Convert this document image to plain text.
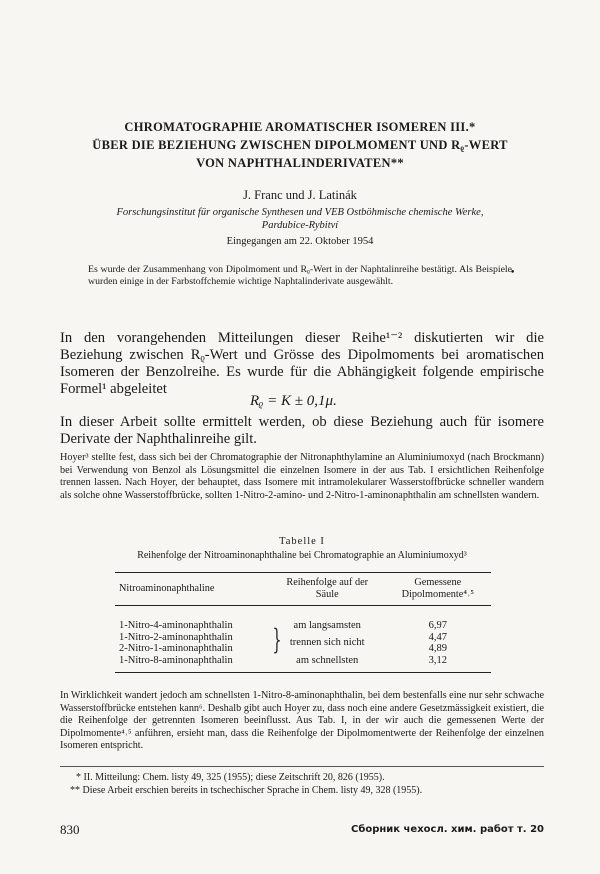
CHROMATOGRAPHIE AROMATISCHER ISOMEREN III.*
ÜBER DIE BEZIEHUNG ZWISCHEN DIPOLMOMENT UND Rᵨ-WERT
VON NAPHTHALINDERIVATEN**
J. Franc und J. Latinák
Forschungsinstitut für organische Synthesen und VEB Ostböhmische chemische Werke,
Pardubice-Rybitví
Eingegangen am 22. Oktober 1954
Es wurde der Zusammenhang von Dipolmoment und Rᵨ-Wert in der Naphtalinreihe bestätigt. Als Beispiele wurden einige in der Farbstoffchemie wichtige Naphtalinderivate ausgewählt.
•
In den vorangehenden Mitteilungen dieser Reihe¹⁻² diskutierten wir die Beziehung zwischen Rᵨ-Wert und Grösse des Dipolmoments bei aromatischen Isomeren der Benzolreihe. Es wurde für die Abhängigkeit folgende empirische Formel¹ abgeleitet
Rᵨ = K ± 0,1μ.
In dieser Arbeit sollte ermittelt werden, ob diese Beziehung auch für isomere Derivate der Naphthalinreihe gilt.
Hoyer³ stellte fest, dass sich bei der Chromatographie der Nitronaphthylamine an Aluminiumoxyd (nach Brockmann) bei Verwendung von Benzol als Lösungsmittel die einzelnen Isomere in der aus Tab. I ersichtlichen Reihenfolge trennen lassen. Nach Hoyer, der behauptet, dass Isomere mit intramolekularer Wasserstoffbrücke schneller wandern als solche ohne Wasserstoffbrücke, sollten 1-Nitro-2-amino- und 2-Nitro-1-aminonaphthalin am schnellsten wandern.
Tabelle I
Reihenfolge der Nitroaminonaphthaline bei Chromatographie an Aluminiumoxyd³
Nitroaminonaphthaline	Reihenfolge auf der Säule	Gemessene Dipolmomente⁴˒⁵
1-Nitro-4-aminonaphthalin	am langsamsten	6,97
1-Nitro-2-aminonaphthalin	trennen sich nicht	4,47
2-Nitro-1-aminonaphthalin		4,89
1-Nitro-8-aminonaphthalin	am schnellsten	3,12
}
In Wirklichkeit wandert jedoch am schnellsten 1-Nitro-8-aminonaphthalin, bei dem bestenfalls eine nur sehr schwache Wasserstoffbrücke entstehen kann⁶. Deshalb gibt auch Hoyer zu, dass noch eine andere Gesetzmässigkeit existiert, die die Reihenfolge der getrennten Isomeren beeinflusst. Aus Tab. I, in der wir auch die gemessenen Werte der Dipolmomente⁴˒⁵ anführen, ersieht man, dass die Reihenfolge der Dipolmomentwerte der Reihenfolge der einzelnen Isomeren entspricht.
* II. Mitteilung: Chem. listy 49, 325 (1955); diese Zeitschrift 20, 826 (1955).
** Diese Arbeit erschien bereits in tschechischer Sprache in Chem. listy 49, 328 (1955).
830	Сборник чехосл. хим. работ т. 20
